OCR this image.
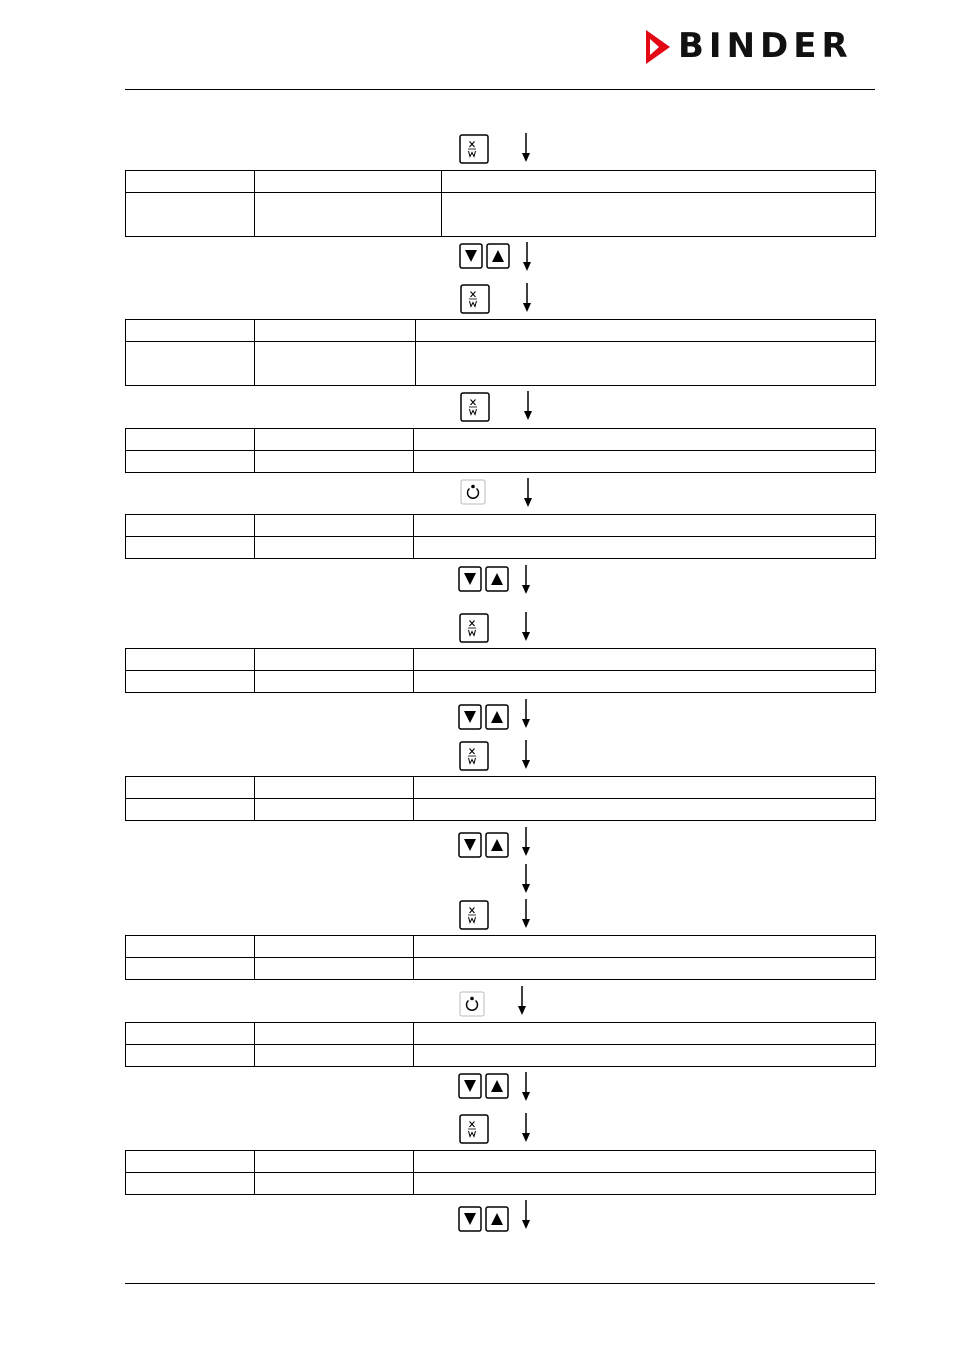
BINDER
